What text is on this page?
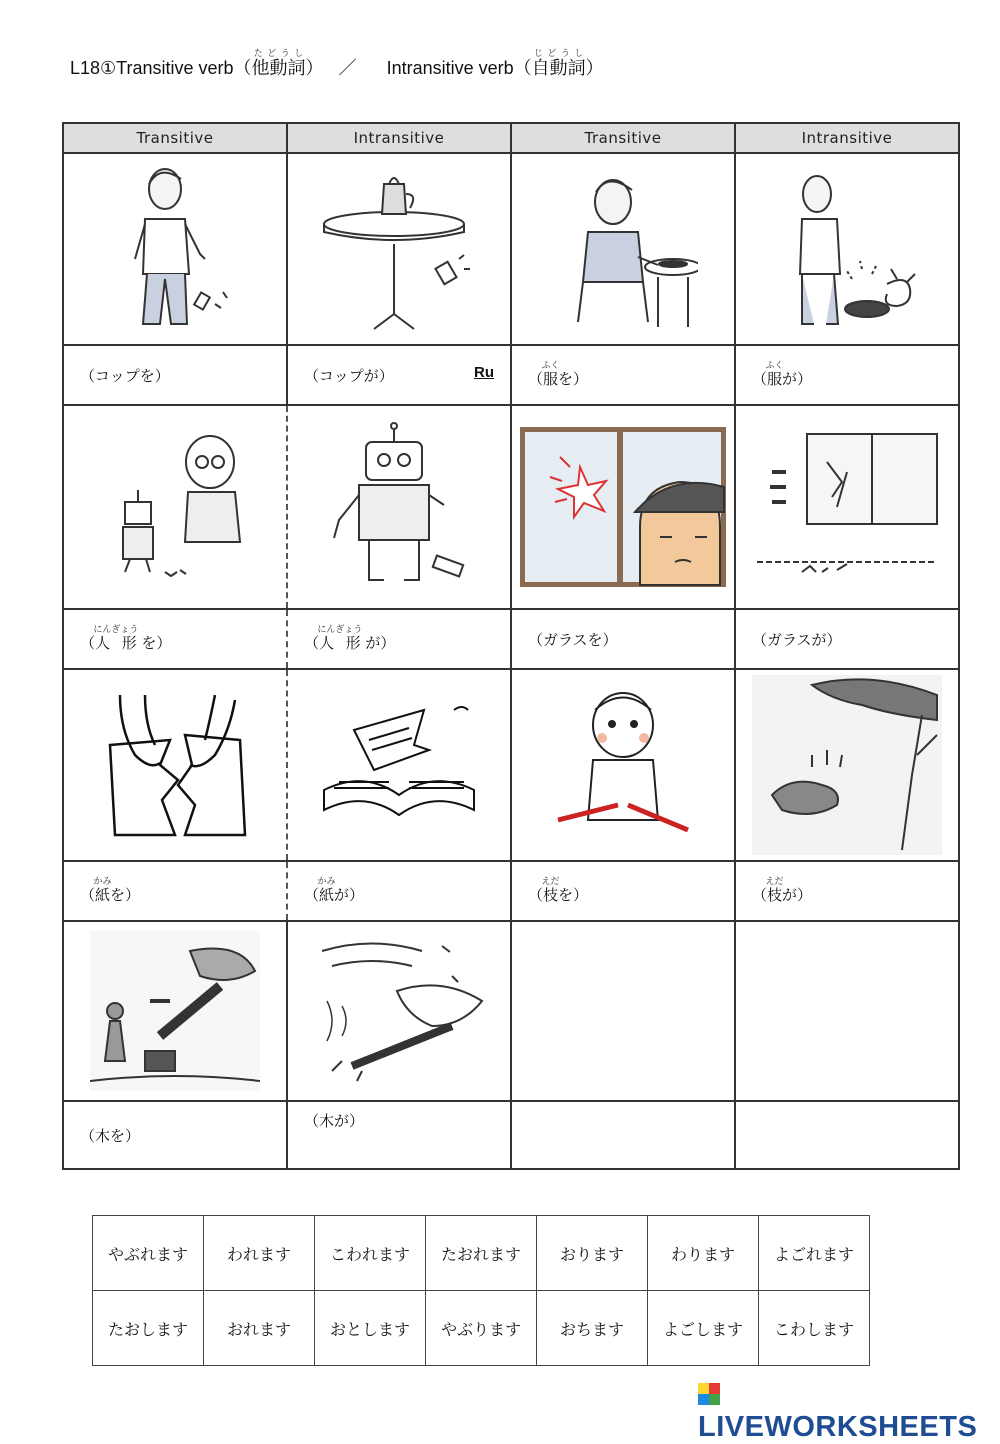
L18①Transitive verb（他動詞たどうし） ／ Intransitive verb（自動詞じどうし）
Transitive	Intransitive	Transitive	Intransitive

（コップを）	（コップが） Ru	（服ふくを）	（服ふくが）

（人 形にんぎょう を）	（人 形にんぎょう が）	（ガラスを）	（ガラスが）

（紙かみを）	（紙かみが）	（枝えだを）	（枝えだが）

（木を）	（木が）		
やぶれます	われます	こわれます	たおれます	おります	わります	よごれます
たおします	おれます	おとします	やぶります	おちます	よごします	こわします
LIVEWORKSHEETS
